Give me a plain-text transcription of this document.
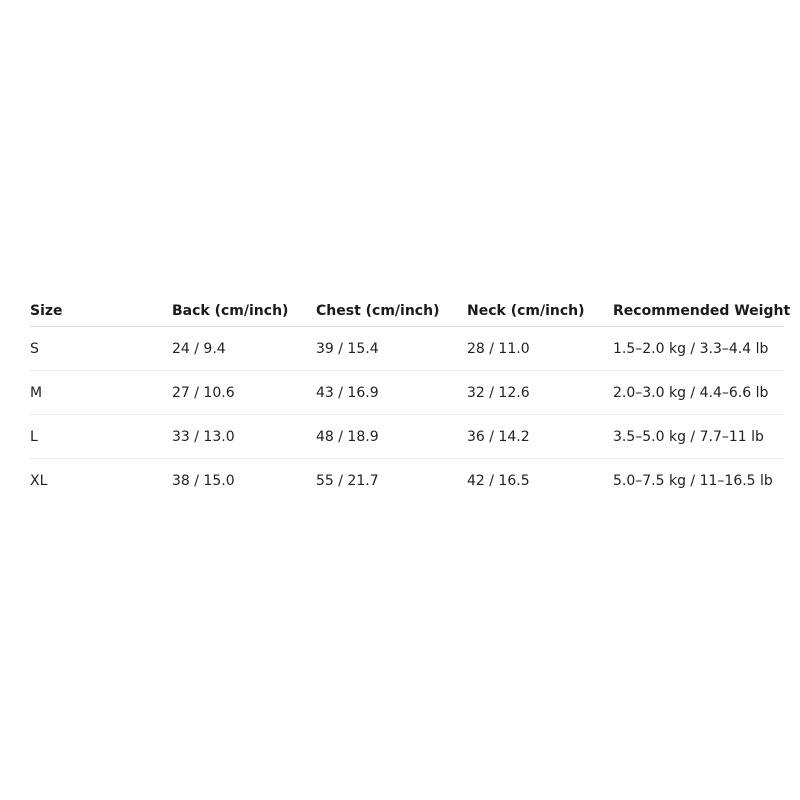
Size	Back (cm/inch)	Chest (cm/inch)	Neck (cm/inch)	Recommended Weight
S	24 / 9.4	39 / 15.4	28 / 11.0	1.5–2.0 kg / 3.3–4.4 lb
M	27 / 10.6	43 / 16.9	32 / 12.6	2.0–3.0 kg / 4.4–6.6 lb
L	33 / 13.0	48 / 18.9	36 / 14.2	3.5–5.0 kg / 7.7–11 lb
XL	38 / 15.0	55 / 21.7	42 / 16.5	5.0–7.5 kg / 11–16.5 lb
